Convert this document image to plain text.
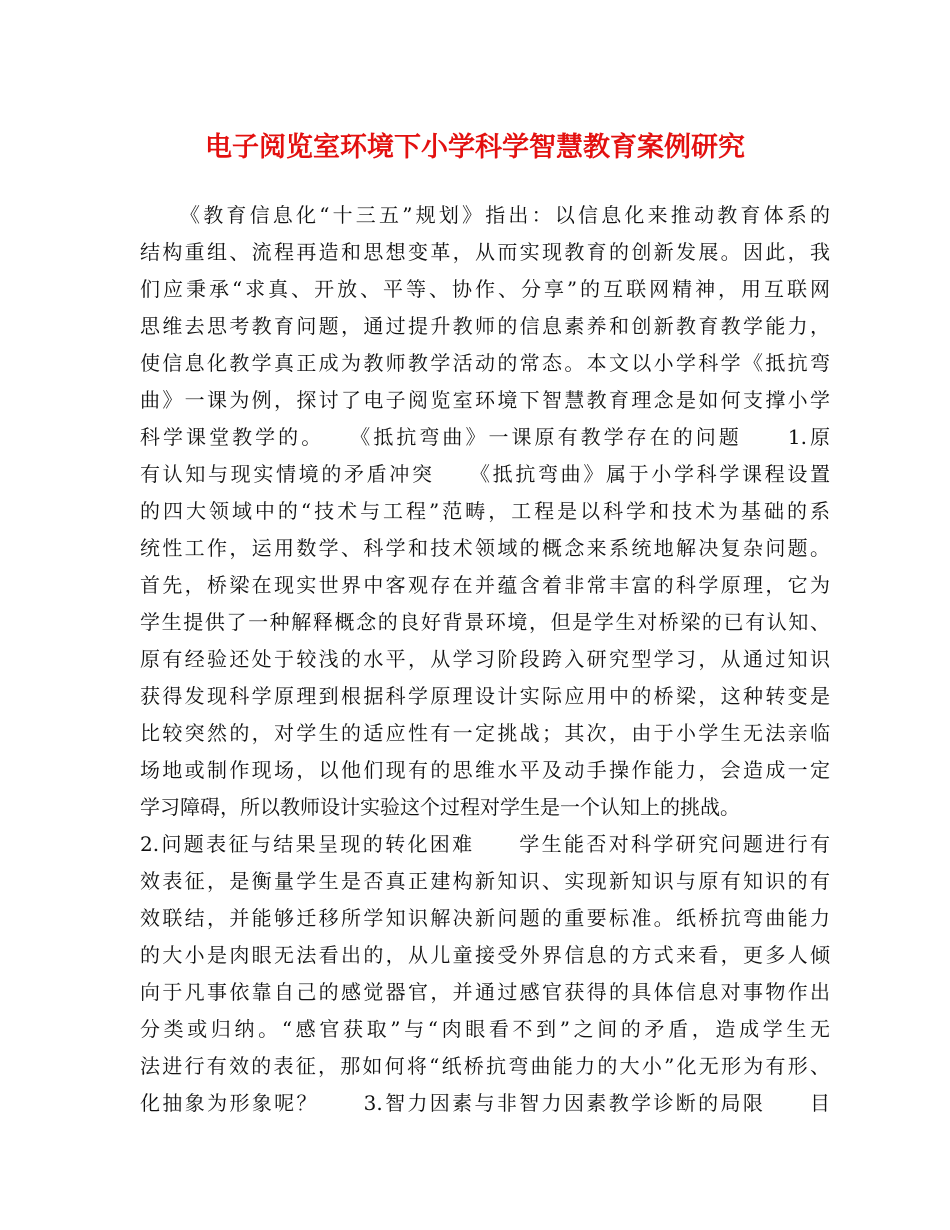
电子阅览室环境下小学科学智慧教育案例研究
《教育信息化“十三五”规划》指出：以信息化来推动教育体系的
结构重组、流程再造和思想变革，从而实现教育的创新发展。因此，我
们应秉承“求真、开放、平等、协作、分享”的互联网精神，用互联网
思维去思考教育问题，通过提升教师的信息素养和创新教育教学能力，
使信息化教学真正成为教师教学活动的常态。本文以小学科学《抵抗弯
曲》一课为例，探讨了电子阅览室环境下智慧教育理念是如何支撑小学
科学课堂教学的。　　《抵抗弯曲》一课原有教学存在的问题　　1.原
有认知与现实情境的矛盾冲突　　《抵抗弯曲》属于小学科学课程设置
的四大领域中的“技术与工程”范畴，工程是以科学和技术为基础的系
统性工作，运用数学、科学和技术领域的概念来系统地解决复杂问题。
首先，桥梁在现实世界中客观存在并蕴含着非常丰富的科学原理，它为
学生提供了一种解释概念的良好背景环境，但是学生对桥梁的已有认知、
原有经验还处于较浅的水平，从学习阶段跨入研究型学习，从通过知识
获得发现科学原理到根据科学原理设计实际应用中的桥梁，这种转变是
比较突然的，对学生的适应性有一定挑战；其次，由于小学生无法亲临
场地或制作现场，以他们现有的思维水平及动手操作能力，会造成一定
学习障碍，所以教师设计实验这个过程对学生是一个认知上的挑战。
2.问题表征与结果呈现的转化困难　　学生能否对科学研究问题进行有
效表征，是衡量学生是否真正建构新知识、实现新知识与原有知识的有
效联结，并能够迁移所学知识解决新问题的重要标准。纸桥抗弯曲能力
的大小是肉眼无法看出的，从儿童接受外界信息的方式来看，更多人倾
向于凡事依靠自己的感觉器官，并通过感官获得的具体信息对事物作出
分类或归纳。“感官获取”与“肉眼看不到”之间的矛盾，造成学生无
法进行有效的表征，那如何将“纸桥抗弯曲能力的大小”化无形为有形、
化抽象为形象呢？　　3.智力因素与非智力因素教学诊断的局限　　目
